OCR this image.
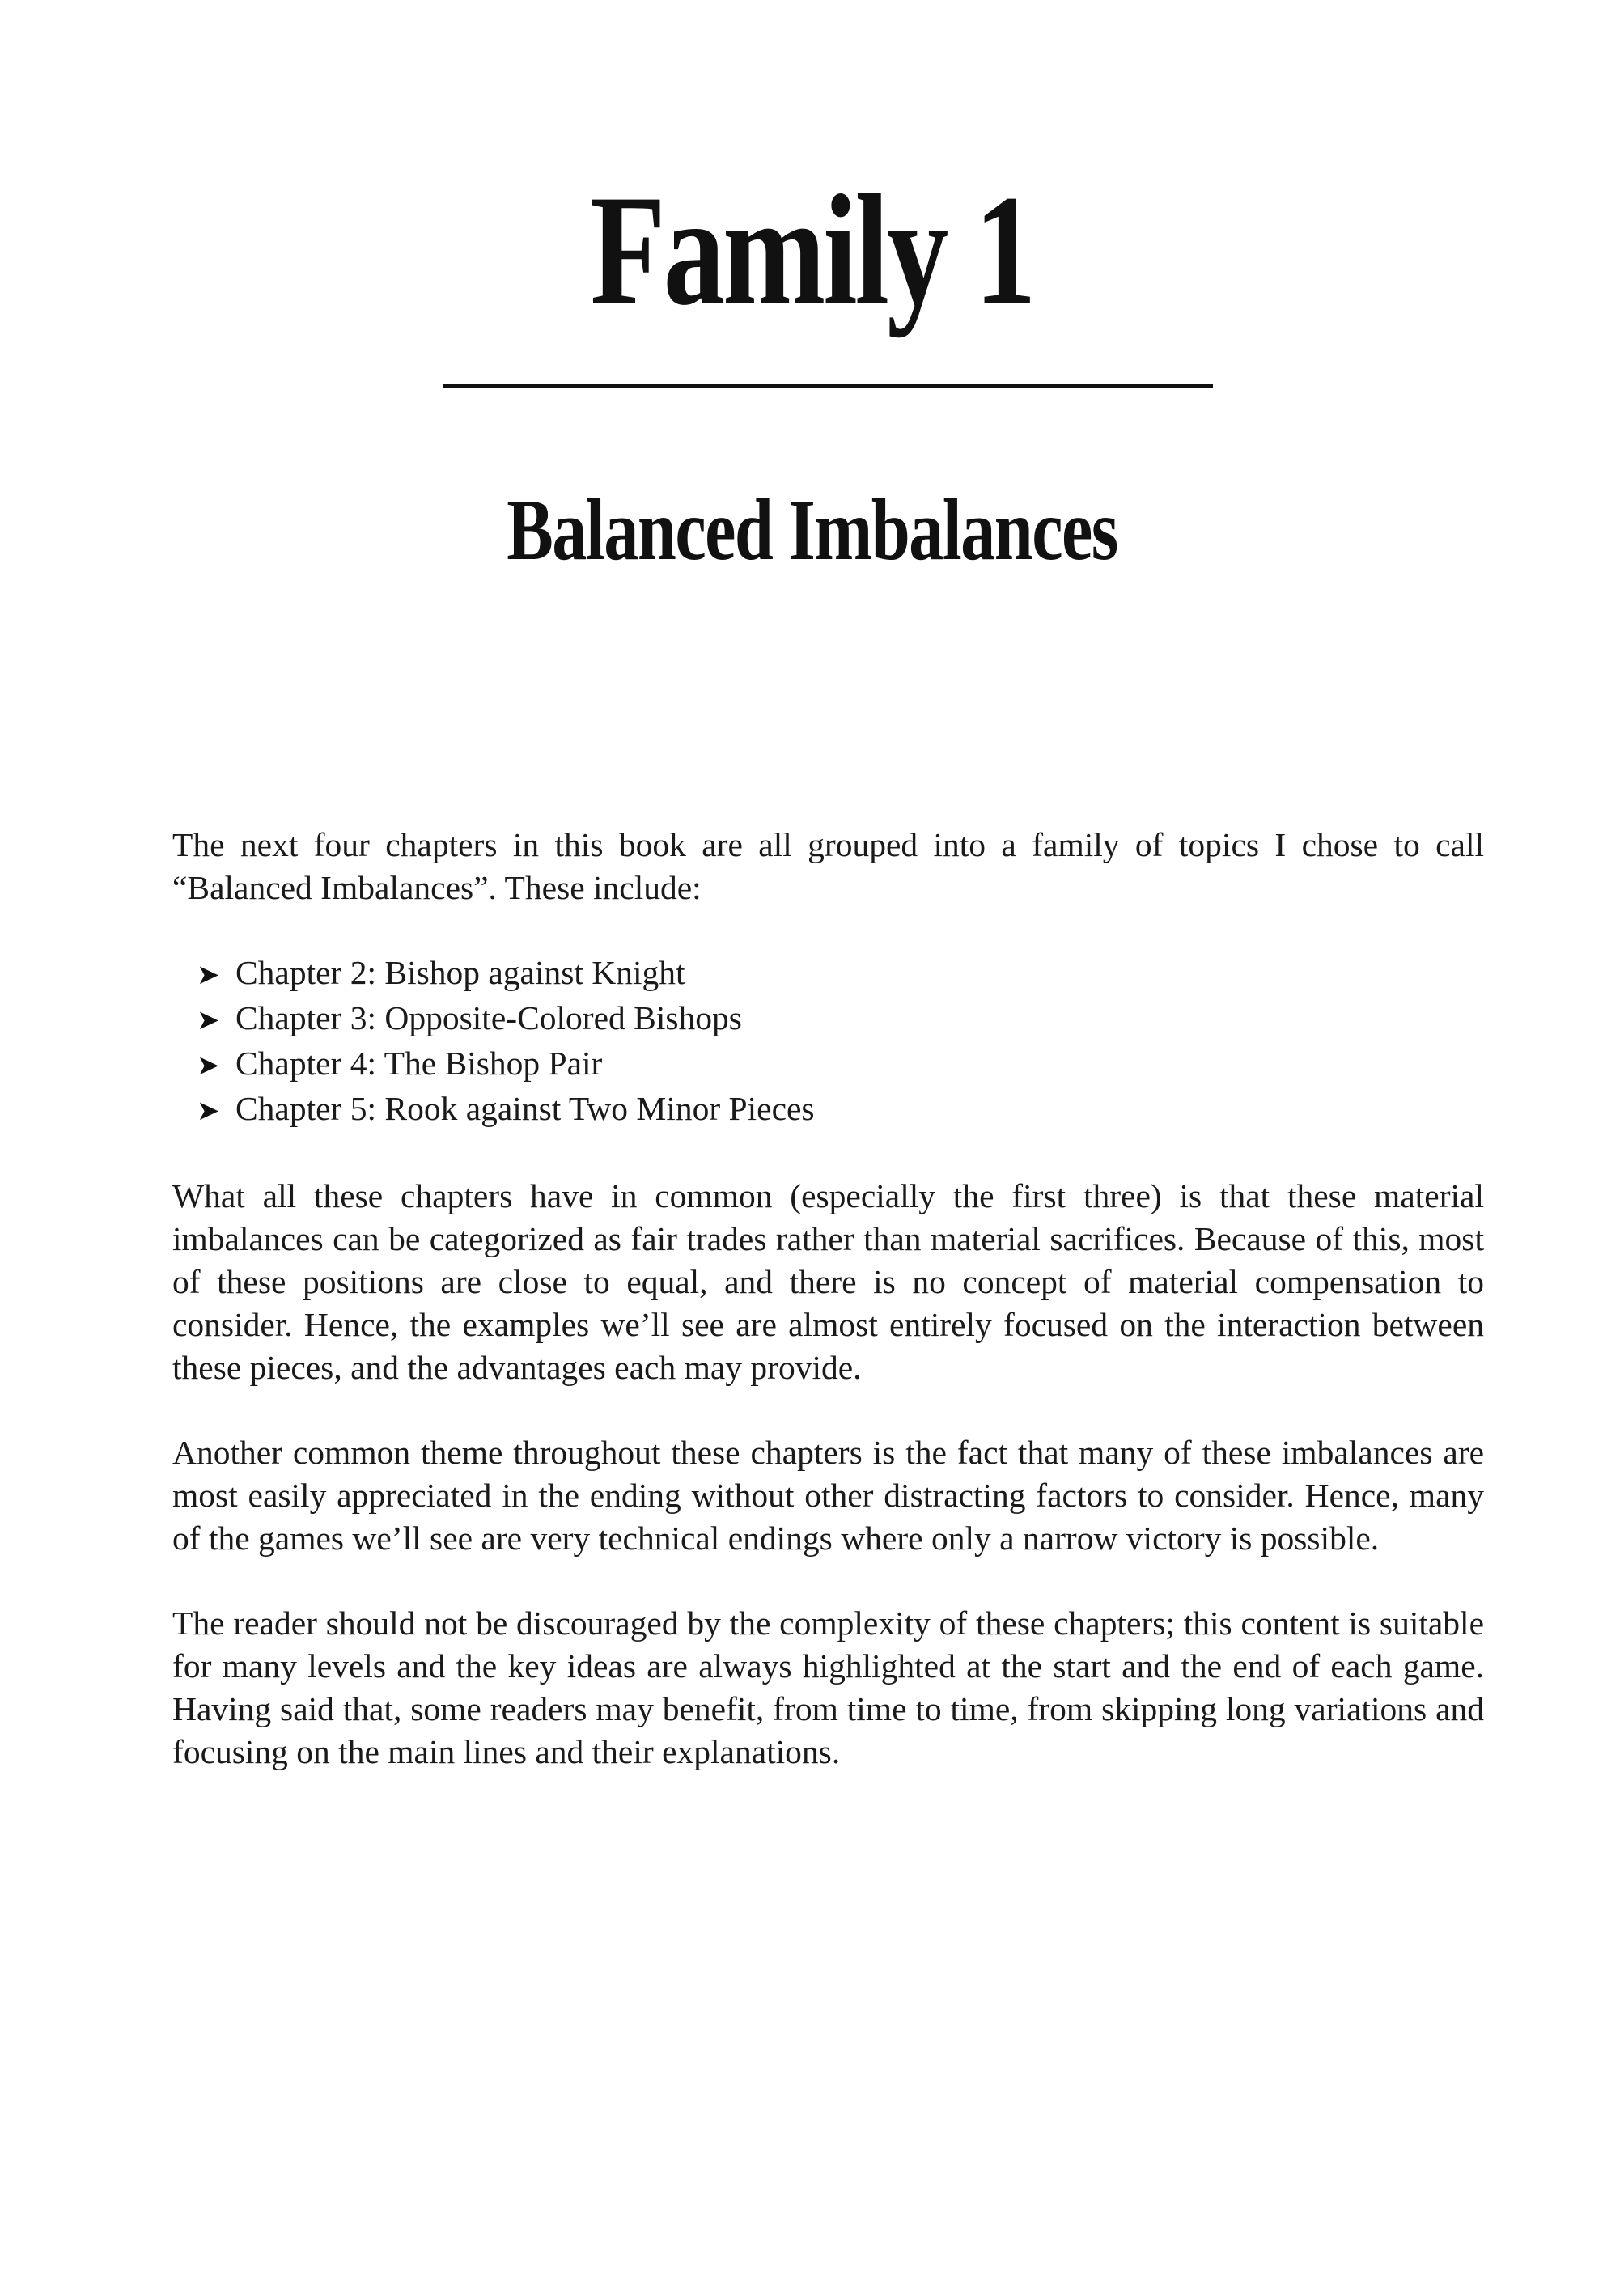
Family 1
Balanced Imbalances

The next four chapters in this book are all grouped into a family of topics I chose to call “Balanced Imbalances”. These include:

➤ Chapter 2: Bishop against Knight
➤ Chapter 3: Opposite-Colored Bishops
➤ Chapter 4: The Bishop Pair
➤ Chapter 5: Rook against Two Minor Pieces

What all these chapters have in common (especially the first three) is that these material imbalances can be categorized as fair trades rather than material sacrifices. Because of this, most of these positions are close to equal, and there is no concept of material compensation to consider. Hence, the examples we’ll see are almost entirely focused on the interaction between these pieces, and the advantages each may provide.

Another common theme throughout these chapters is the fact that many of these imbalances are most easily appreciated in the ending without other distracting factors to consider. Hence, many of the games we’ll see are very technical endings where only a narrow victory is possible.

The reader should not be discouraged by the complexity of these chapters; this content is suitable for many levels and the key ideas are always highlighted at the start and the end of each game. Having said that, some readers may benefit, from time to time, from skipping long variations and focusing on the main lines and their explanations.
